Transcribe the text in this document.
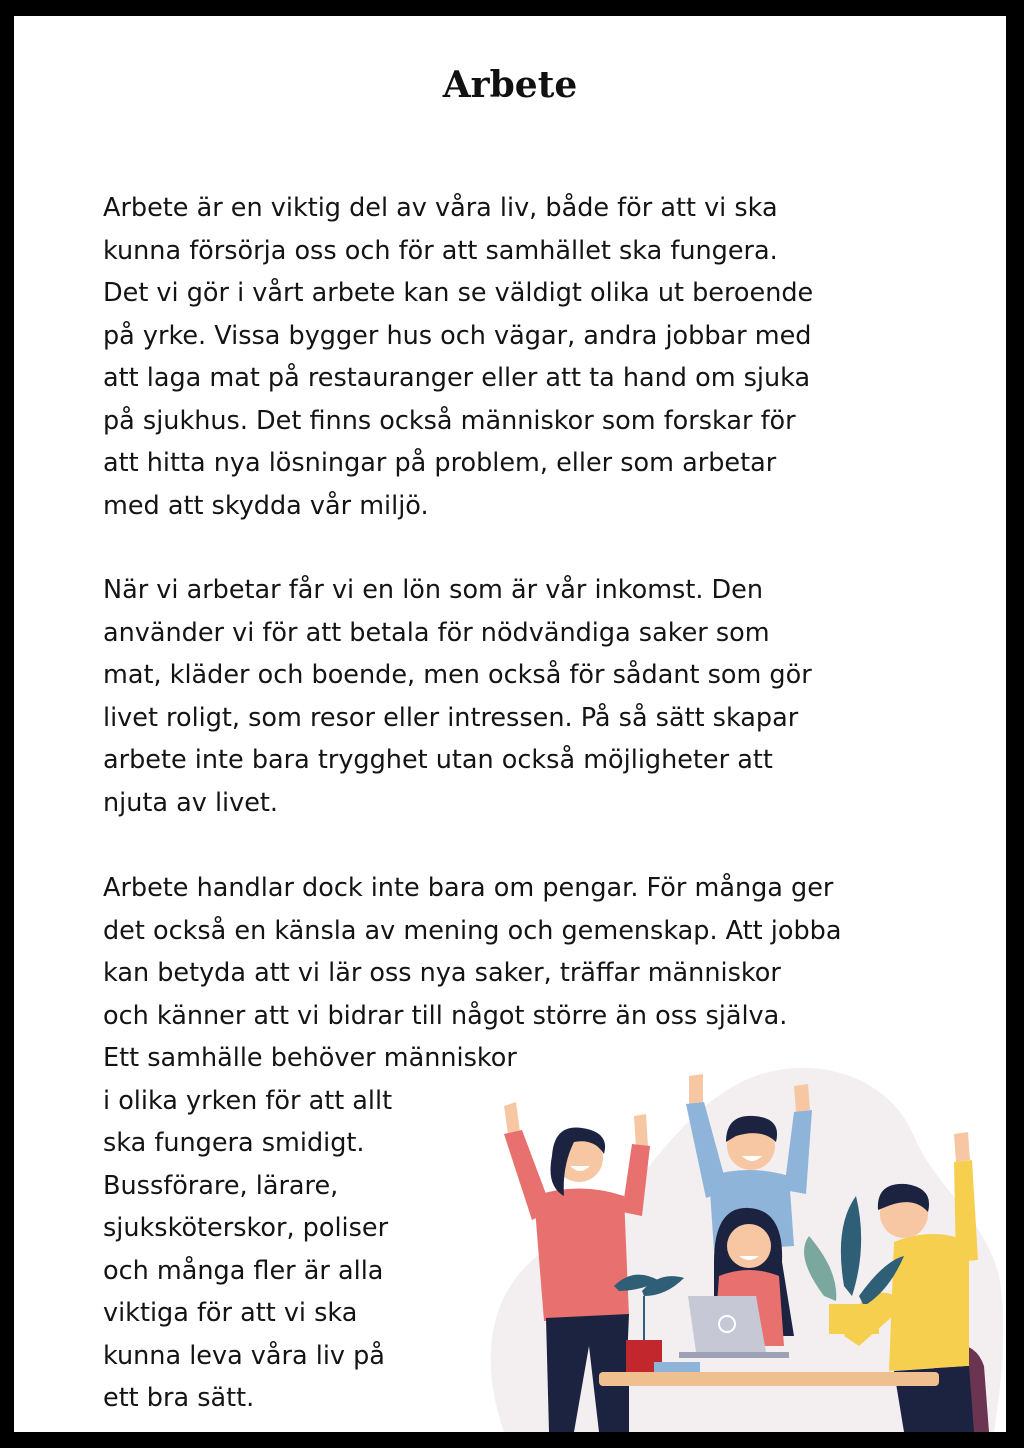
Arbete

Arbete är en viktig del av våra liv, både för att vi ska
kunna försörja oss och för att samhället ska fungera.
Det vi gör i vårt arbete kan se väldigt olika ut beroende
på yrke. Vissa bygger hus och vägar, andra jobbar med
att laga mat på restauranger eller att ta hand om sjuka
på sjukhus. Det finns också människor som forskar för
att hitta nya lösningar på problem, eller som arbetar
med att skydda vår miljö.

När vi arbetar får vi en lön som är vår inkomst. Den
använder vi för att betala för nödvändiga saker som
mat, kläder och boende, men också för sådant som gör
livet roligt, som resor eller intressen. På så sätt skapar
arbete inte bara trygghet utan också möjligheter att
njuta av livet.

Arbete handlar dock inte bara om pengar. För många ger
det också en känsla av mening och gemenskap. Att jobba
kan betyda att vi lär oss nya saker, träffar människor
och känner att vi bidrar till något större än oss själva.
Ett samhälle behöver människor
i olika yrken för att allt
ska fungera smidigt.
Bussförare, lärare,
sjuksköterskor, poliser
och många fler är alla
viktiga för att vi ska
kunna leva våra liv på
ett bra sätt.
